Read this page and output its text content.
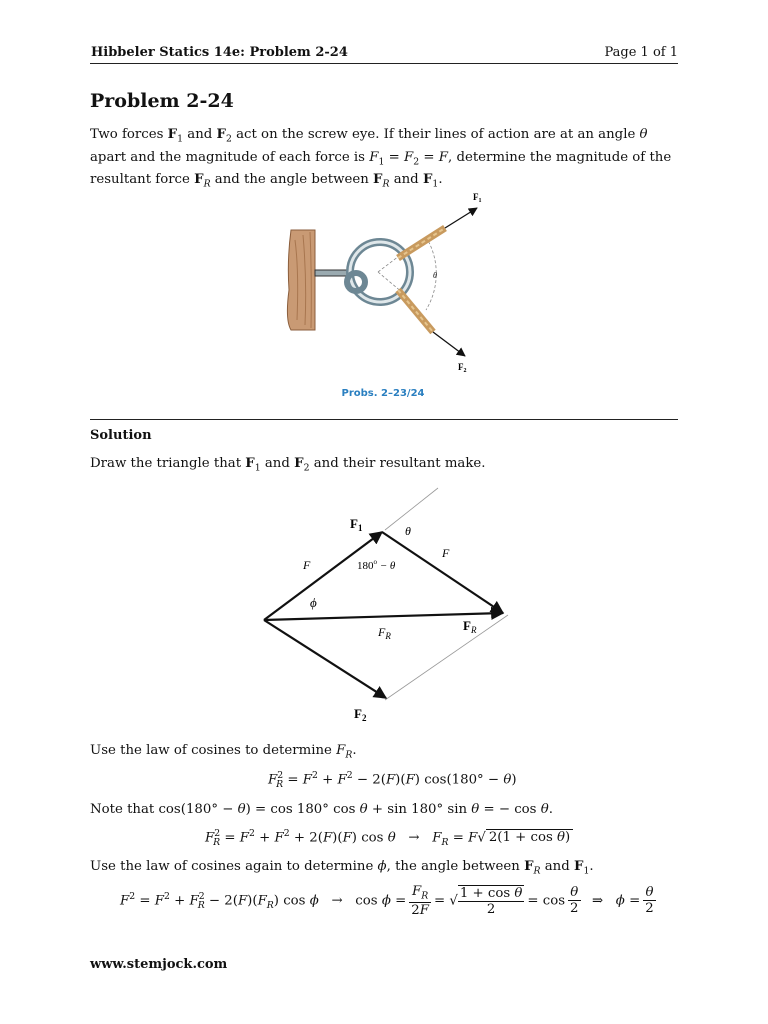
Hibbeler Statics 14e: Problem 2-24	Page 1 of 1
Problem 2-24

Two forces $F_1$ and $F_2$ act on the screw eye. If their lines of action are at an angle θ apart and the magnitude of each force is $F_1 = F_2 = F$, determine the magnitude of the resultant force $F_R$ and the angle between $F_R$ and $F_1$.

$F_1$
$F_2$
θ
Probs. 2–23/24
Solution

Draw the triangle that $F_1$ and $F_2$ and their resultant make.

$F_1$	θ
F
F	$180^o - \theta$
ϕ
$F_R$
$F_R$
$F_2$

Use the law of cosines to determine $F_R$.

$F^2_R = F^2 + F^2 - 2(F)(F) \cos(180^\circ - \theta)$

Note that cos(180° − θ) = cos 180° cos θ + sin 180° sin θ = − cos θ.

$F^2_R = F^2 + F^2 + 2(F)(F)$ $\cos \theta \to F_R = F√$ 2(1 + cos θ)

Use the law of cosines again to determine ϕ, the angle between $F_R$ and $F_1$.

$F^2 = F^2 + F^2_R - 2(F)(F_R)$ $\cos \phi \to \cos \phi = \frac{F_R}{2F}$ = √ $\frac{\text{1 + cos θ}}{2} = \cos \frac{\theta}{2}$ ⇒   $\phi = \frac{\theta}{2}$
www.stemjock.com
